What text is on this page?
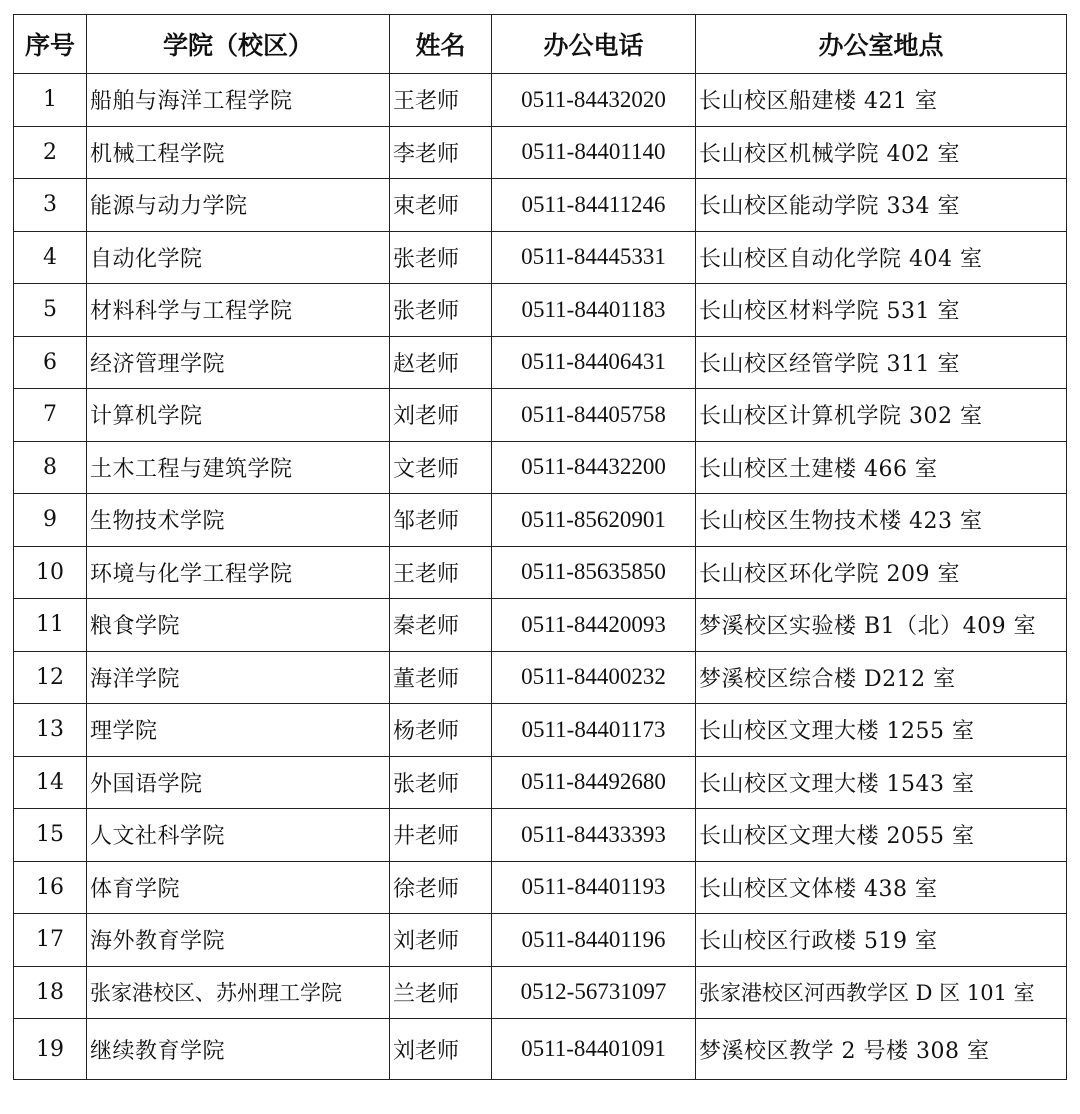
序号	学院（校区）	姓名	办公电话	办公室地点
1	船舶与海洋工程学院	王老师	0511-84432020	长山校区船建楼 421 室
2	机械工程学院	李老师	0511-84401140	长山校区机械学院 402 室
3	能源与动力学院	束老师	0511-84411246	长山校区能动学院 334 室
4	自动化学院	张老师	0511-84445331	长山校区自动化学院 404 室
5	材料科学与工程学院	张老师	0511-84401183	长山校区材料学院 531 室
6	经济管理学院	赵老师	0511-84406431	长山校区经管学院 311 室
7	计算机学院	刘老师	0511-84405758	长山校区计算机学院 302 室
8	土木工程与建筑学院	文老师	0511-84432200	长山校区土建楼 466 室
9	生物技术学院	邹老师	0511-85620901	长山校区生物技术楼 423 室
10	环境与化学工程学院	王老师	0511-85635850	长山校区环化学院 209 室
11	粮食学院	秦老师	0511-84420093	梦溪校区实验楼 B1（北）409 室
12	海洋学院	董老师	0511-84400232	梦溪校区综合楼 D212 室
13	理学院	杨老师	0511-84401173	长山校区文理大楼 1255 室
14	外国语学院	张老师	0511-84492680	长山校区文理大楼 1543 室
15	人文社科学院	井老师	0511-84433393	长山校区文理大楼 2055 室
16	体育学院	徐老师	0511-84401193	长山校区文体楼 438 室
17	海外教育学院	刘老师	0511-84401196	长山校区行政楼 519 室
18	张家港校区、苏州理工学院	兰老师	0512-56731097	张家港校区河西教学区 D 区 101 室
19	继续教育学院	刘老师	0511-84401091	梦溪校区教学 2 号楼 308 室
